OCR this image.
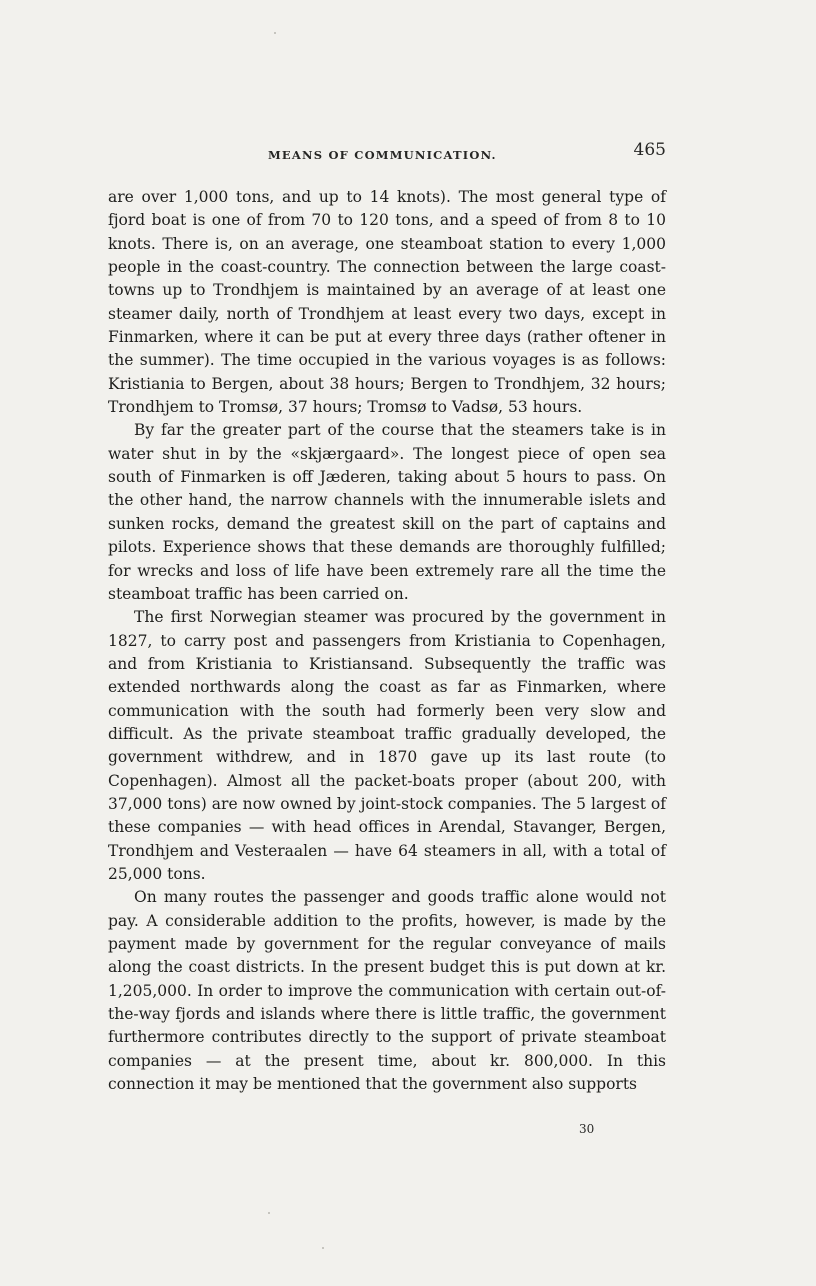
MEANS OF COMMUNICATION.	465

are over 1,000 tons, and up to 14 knots). The most general type of fjord boat is one of from 70 to 120 tons, and a speed of from 8 to 10 knots. There is, on an average, one steamboat station to every 1,000 people in the coast-country. The connection between the large coast-towns up to Trondhjem is maintained by an average of at least one steamer daily, north of Trondhjem at least every two days, except in Finmarken, where it can be put at every three days (rather oftener in the summer). The time occupied in the various voyages is as follows: Kristiania to Bergen, about 38 hours; Bergen to Trondhjem, 32 hours; Trondhjem to Tromsø, 37 hours; Tromsø to Vadsø, 53 hours.

By far the greater part of the course that the steamers take is in water shut in by the «skjærgaard». The longest piece of open sea south of Finmarken is off Jæderen, taking about 5 hours to pass. On the other hand, the narrow channels with the innumerable islets and sunken rocks, demand the greatest skill on the part of captains and pilots. Experience shows that these demands are thoroughly fulfilled; for wrecks and loss of life have been extremely rare all the time the steamboat traffic has been carried on.

The first Norwegian steamer was procured by the government in 1827, to carry post and passengers from Kristiania to Copenhagen, and from Kristiania to Kristiansand. Subsequently the traffic was extended northwards along the coast as far as Finmarken, where communication with the south had formerly been very slow and difficult. As the private steamboat traffic gradually developed, the government withdrew, and in 1870 gave up its last route (to Copenhagen). Almost all the packet-boats proper (about 200, with 37,000 tons) are now owned by joint-stock companies. The 5 largest of these companies — with head offices in Arendal, Stavanger, Bergen, Trondhjem and Vesteraalen — have 64 steamers in all, with a total of 25,000 tons.

On many routes the passenger and goods traffic alone would not pay. A considerable addition to the profits, however, is made by the payment made by government for the regular conveyance of mails along the coast districts. In the present budget this is put down at kr. 1,205,000. In order to improve the communication with certain out-of-the-way fjords and islands where there is little traffic, the government furthermore contributes directly to the support of private steamboat companies — at the present time, about kr. 800,000. In this connection it may be mentioned that the government also supports

30
